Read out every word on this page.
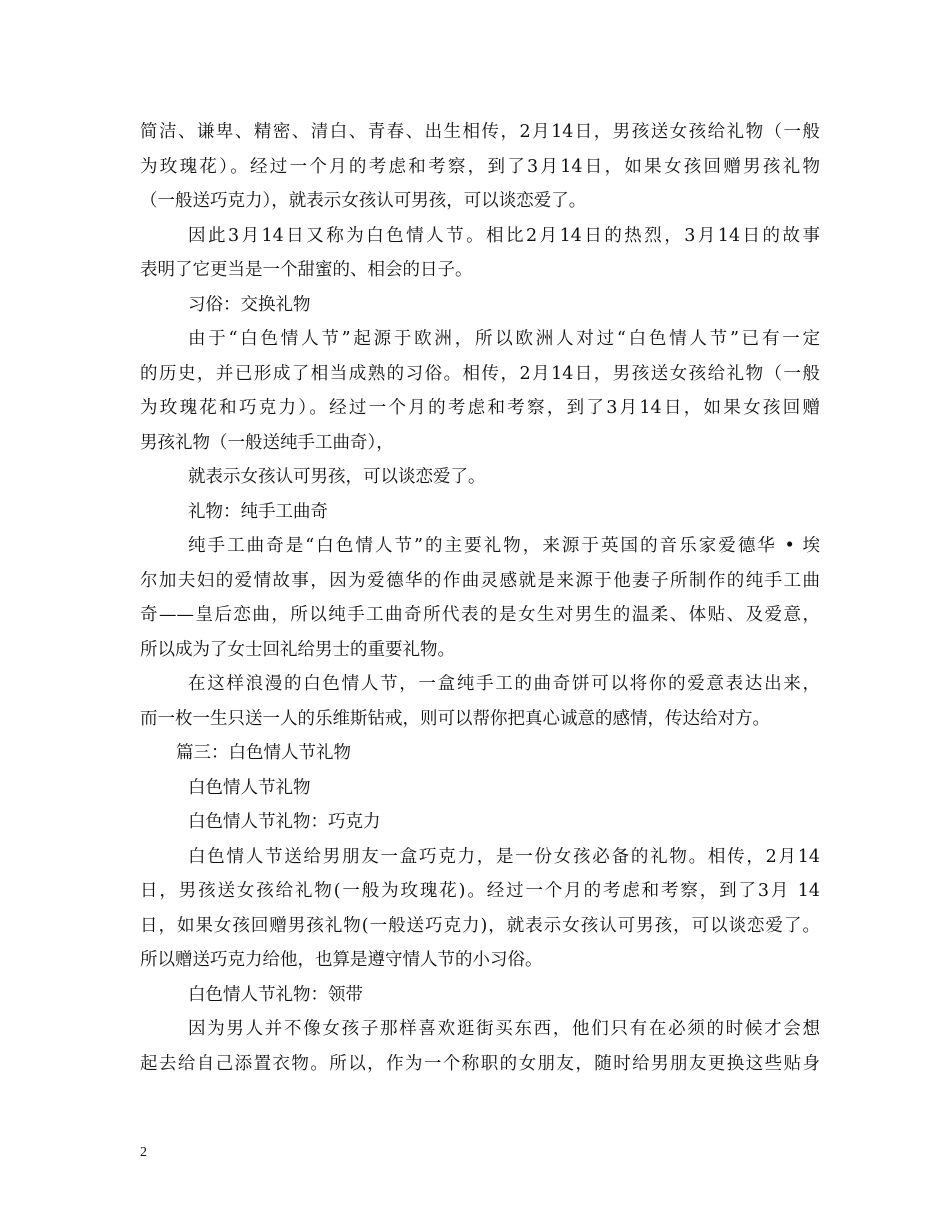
简洁、谦卑、精密、清白、青春、出生相传，2月14日，男孩送女孩给礼物（一般
为玫瑰花）。经过一个月的考虑和考察，到了3月14日，如果女孩回赠男孩礼物
（一般送巧克力），就表示女孩认可男孩，可以谈恋爱了。
因此3月14日又称为白色情人节。相比2月14日的热烈，3月14日的故事
表明了它更当是一个甜蜜的、相会的日子。
习俗：交换礼物
由于“白色情人节”起源于欧洲，所以欧洲人对过“白色情人节”已有一定
的历史，并已形成了相当成熟的习俗。相传，2月14日，男孩送女孩给礼物（一般
为玫瑰花和巧克力）。经过一个月的考虑和考察，到了3月14日，如果女孩回赠
男孩礼物（一般送纯手工曲奇），
就表示女孩认可男孩，可以谈恋爱了。
礼物：纯手工曲奇
纯手工曲奇是“白色情人节”的主要礼物，来源于英国的音乐家爱德华 • 埃
尔加夫妇的爱情故事，因为爱德华的作曲灵感就是来源于他妻子所制作的纯手工曲
奇——皇后恋曲，所以纯手工曲奇所代表的是女生对男生的温柔、体贴、及爱意，
所以成为了女士回礼给男士的重要礼物。
在这样浪漫的白色情人节，一盒纯手工的曲奇饼可以将你的爱意表达出来，
而一枚一生只送一人的乐维斯钻戒，则可以帮你把真心诚意的感情，传达给对方。
篇三：白色情人节礼物
白色情人节礼物
白色情人节礼物：巧克力
白色情人节送给男朋友一盒巧克力，是一份女孩必备的礼物。相传，2月14
日，男孩送女孩给礼物(一般为玫瑰花)。经过一个月的考虑和考察，到了3月 14
日，如果女孩回赠男孩礼物(一般送巧克力)，就表示女孩认可男孩，可以谈恋爱了。
所以赠送巧克力给他，也算是遵守情人节的小习俗。
白色情人节礼物：领带
因为男人并不像女孩子那样喜欢逛街买东西，他们只有在必须的时候才会想
起去给自己添置衣物。所以，作为一个称职的女朋友，随时给男朋友更换这些贴身
2
